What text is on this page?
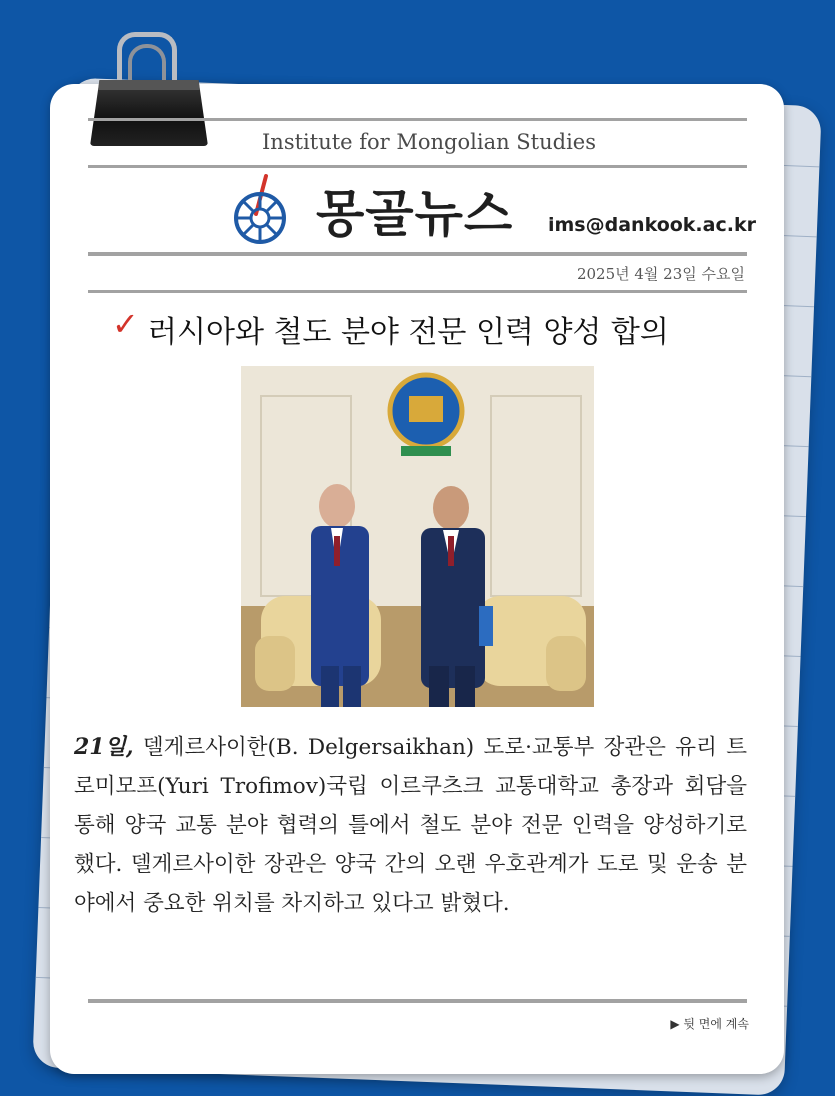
Institute for Mongolian Studies
몽골뉴스 ims@dankook.ac.kr
2025년 4월 23일 수요일
✓ 러시아와 철도 분야 전문 인력 양성 합의
21일, 델게르사이한(B. Delgersaikhan) 도로·교통부 장관은 유리 트로미모프(Yuri Trofimov)국립 이르쿠츠크 교통대학교 총장과 회담을 통해 양국 교통 분야 협력의 틀에서 철도 분야 전문 인력을 양성하기로 했다. 델게르사이한 장관은 양국 간의 오랜 우호관계가 도로 및 운송 분야에서 중요한 위치를 차지하고 있다고 밝혔다.
▶ 뒷 면에 계속
